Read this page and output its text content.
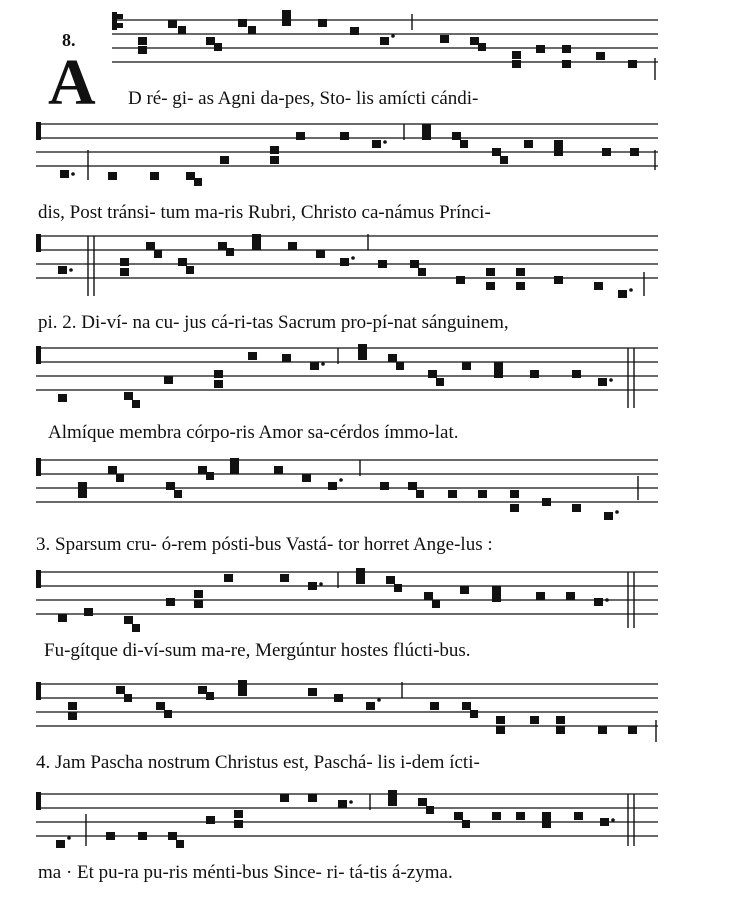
8.
A D ré- gi- as Agni da-pes, Sto- lis amícti cándi-
dis, Post tránsi- tum ma-ris Rubri, Christo ca-námus Prínci-
pi. 2. Di-ví- na cu- jus cá-ri-tas Sacrum pro-pí-nat sánguinem,
Almíque membra córpo-ris Amor sa-cérdos ímmo-lat.
3. Sparsum cru- ó-rem pósti-bus Vastá- tor horret Ange-lus :
Fu-gítque di-ví-sum ma-re, Mergúntur hostes flúcti-bus.
4. Jam Pascha nostrum Christus est, Paschá- lis i-dem ícti-
ma · Et pu-ra pu-ris ménti-bus Since- ri- tá-tis á-zyma.
